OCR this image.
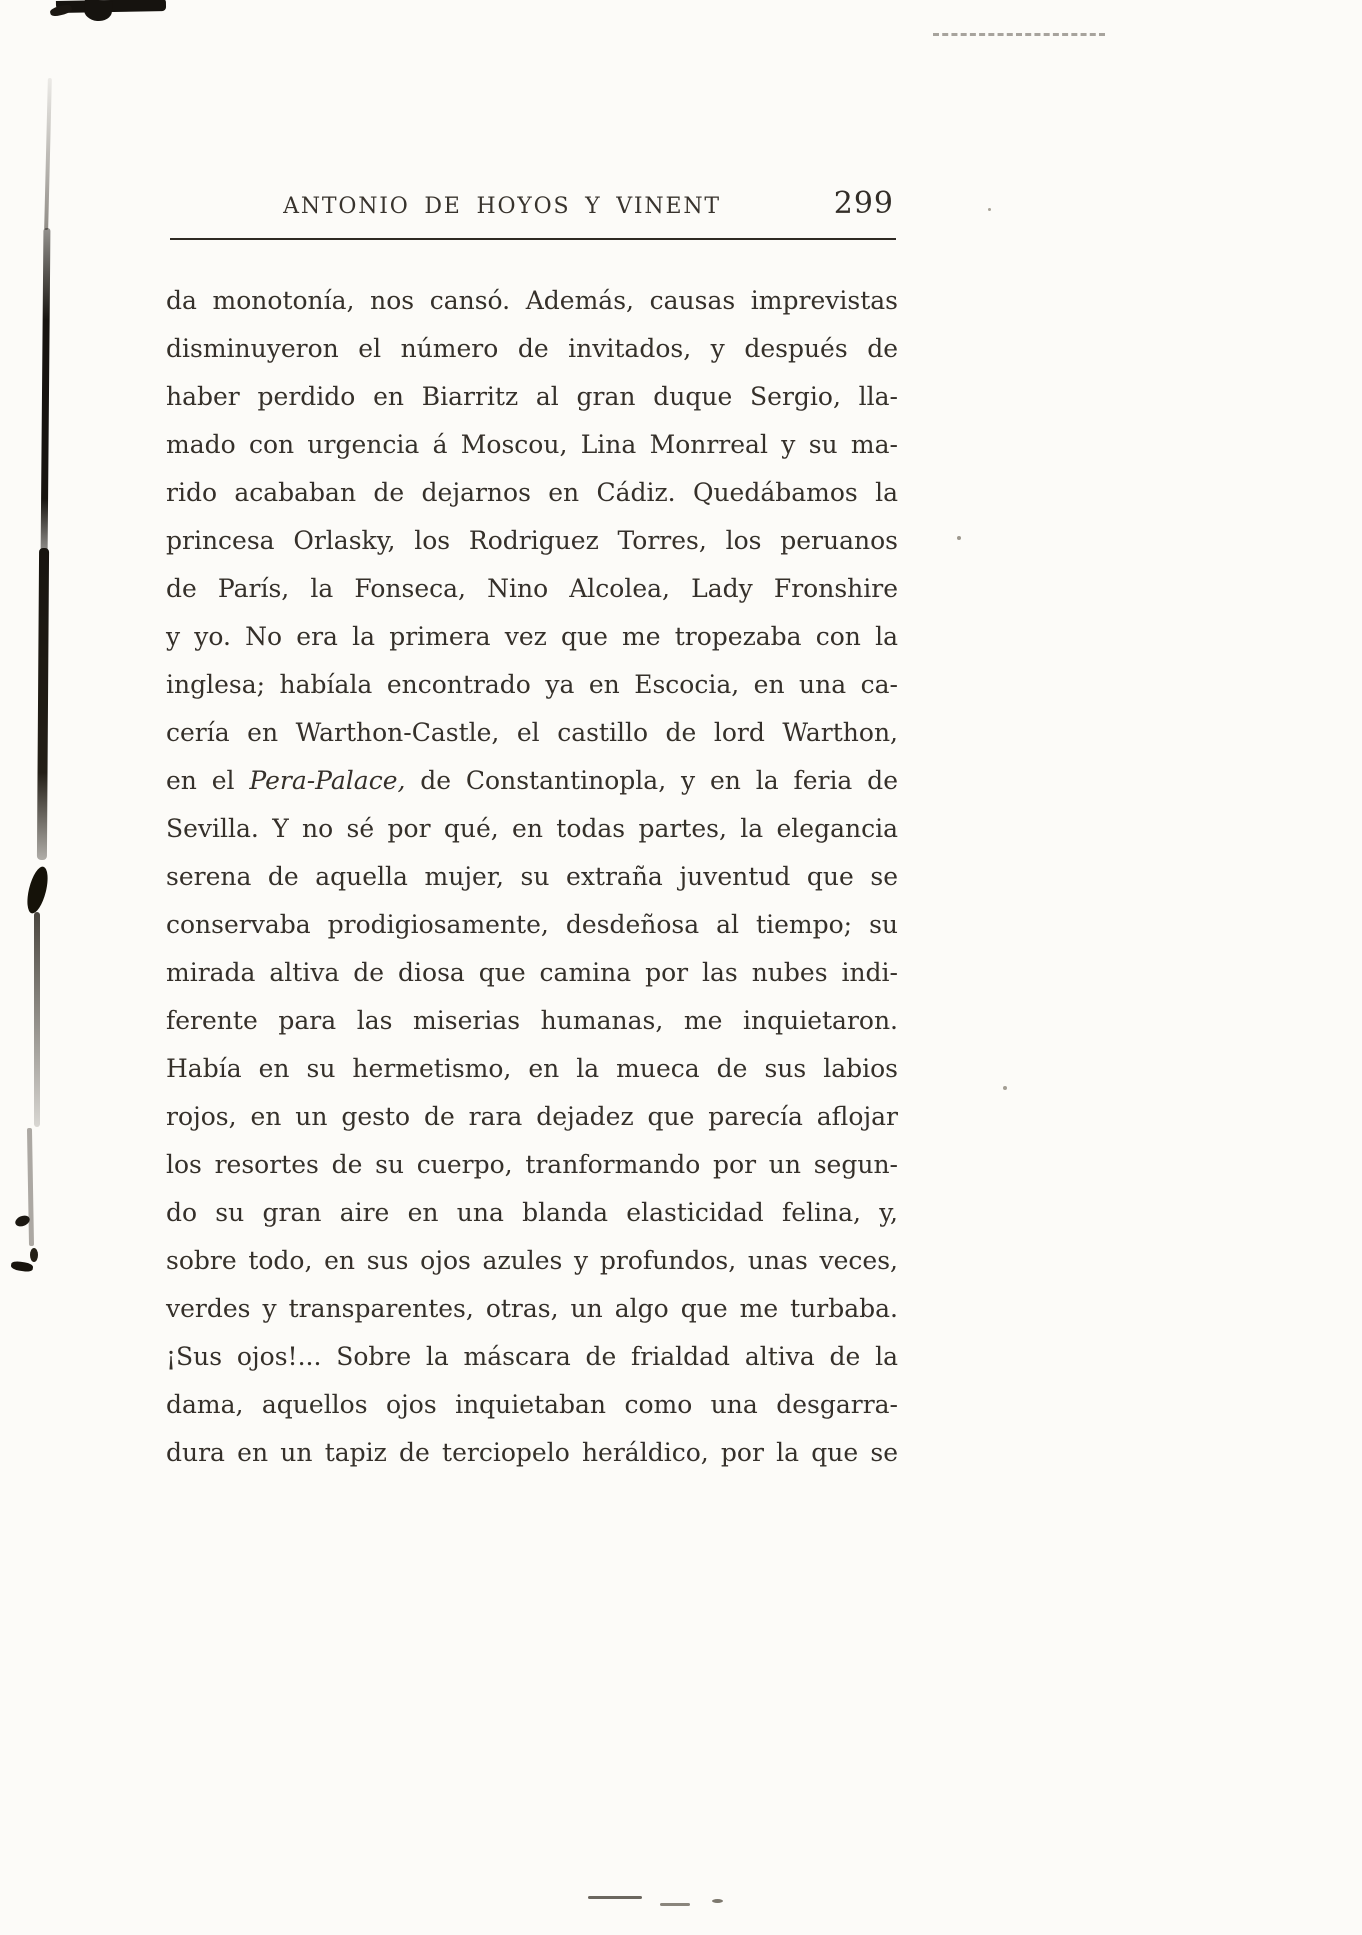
ANTONIO DE HOYOS Y VINENT	299
da monotonía, nos cansó. Además, causas imprevistas
disminuyeron el número de invitados, y después de
haber perdido en Biarritz al gran duque Sergio, lla-
mado con urgencia á Moscou, Lina Monrreal y su ma-
rido acababan de dejarnos en Cádiz. Quedábamos la
princesa Orlasky, los Rodriguez Torres, los peruanos
de París, la Fonseca, Nino Alcolea, Lady Fronshire
y yo. No era la primera vez que me tropezaba con la
inglesa; habíala encontrado ya en Escocia, en una ca-
cería en Warthon-Castle, el castillo de lord Warthon,
en el Pera-Palace, de Constantinopla, y en la feria de
Sevilla. Y no sé por qué, en todas partes, la elegancia
serena de aquella mujer, su extraña juventud que se
conservaba prodigiosamente, desdeñosa al tiempo; su
mirada altiva de diosa que camina por las nubes indi-
ferente para las miserias humanas, me inquietaron.
Había en su hermetismo, en la mueca de sus labios
rojos, en un gesto de rara dejadez que parecía aflojar
los resortes de su cuerpo, tranformando por un segun-
do su gran aire en una blanda elasticidad felina, y,
sobre todo, en sus ojos azules y profundos, unas veces,
verdes y transparentes, otras, un algo que me turbaba.
¡Sus ojos!... Sobre la máscara de frialdad altiva de la
dama, aquellos ojos inquietaban como una desgarra-
dura en un tapiz de terciopelo heráldico, por la que se
